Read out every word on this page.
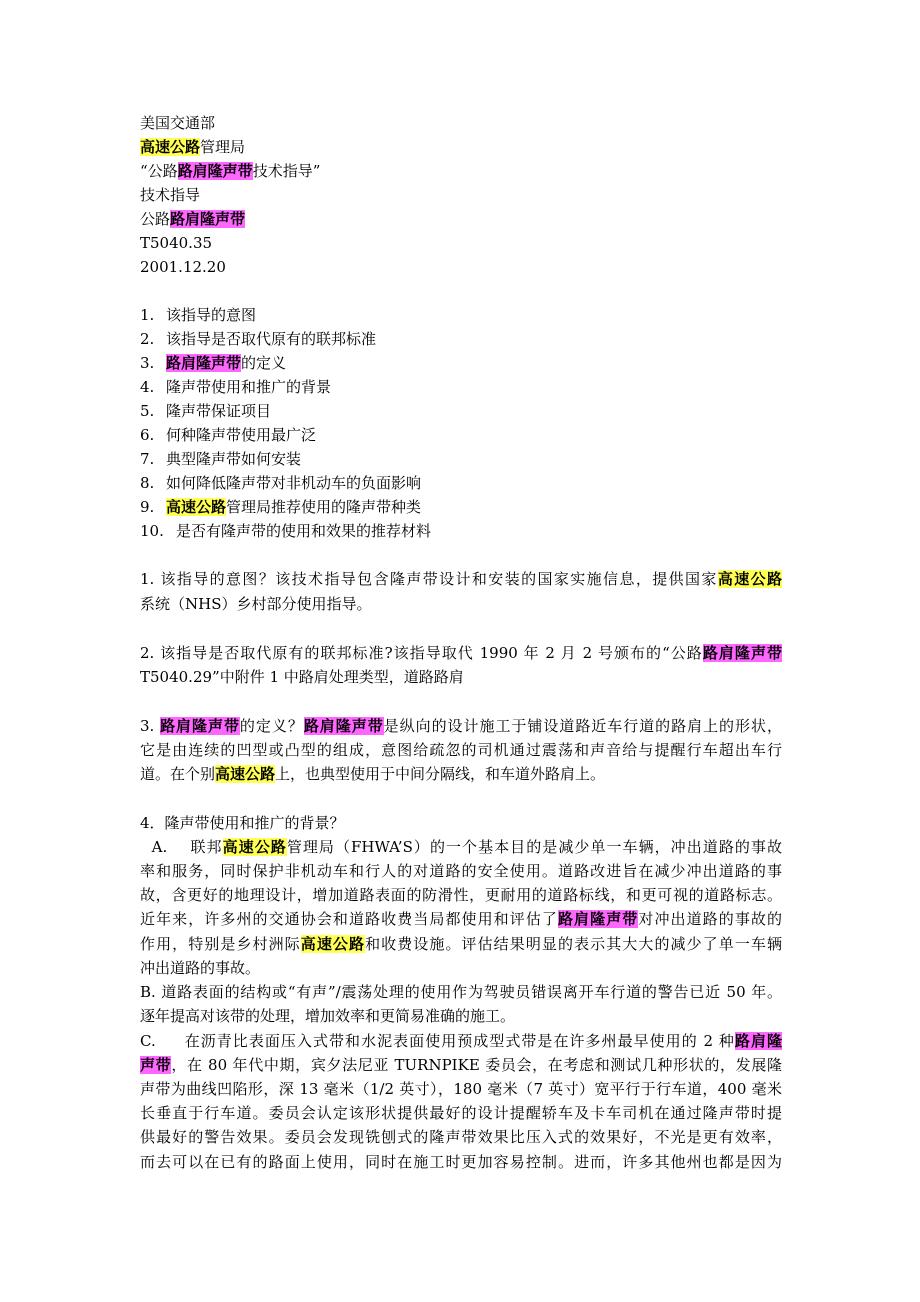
美国交通部
高速公路管理局
“公路路肩隆声带技术指导”
技术指导
公路路肩隆声带
T5040.35
2001.12.20
1. 该指导的意图
2. 该指导是否取代原有的联邦标准
3. 路肩隆声带的定义
4. 隆声带使用和推广的背景
5. 隆声带保证项目
6. 何种隆声带使用最广泛
7. 典型隆声带如何安装
8. 如何降低隆声带对非机动车的负面影响
9. 高速公路管理局推荐使用的隆声带种类
10. 是否有隆声带的使用和效果的推荐材料
1. 该指导的意图？该技术指导包含隆声带设计和安装的国家实施信息，提供国家高速公路
系统（NHS）乡村部分使用指导。
2. 该指导是否取代原有的联邦标准?该指导取代 1990 年 2 月 2 号颁布的“公路路肩隆声带
T5040.29”中附件 1 中路肩处理类型，道路路肩
3. 路肩隆声带的定义？路肩隆声带是纵向的设计施工于铺设道路近车行道的路肩上的形状，
它是由连续的凹型或凸型的组成，意图给疏忽的司机通过震荡和声音给与提醒行车超出车行
道。在个别高速公路上，也典型使用于中间分隔线，和车道外路肩上。
4．隆声带使用和推广的背景？
A.    联邦高速公路管理局（FHWA’S）的一个基本目的是减少单一车辆，冲出道路的事故
率和服务，同时保护非机动车和行人的对道路的安全使用。道路改进旨在减少冲出道路的事
故，含更好的地理设计，增加道路表面的防滑性，更耐用的道路标线，和更可视的道路标志。
近年来，许多州的交通协会和道路收费当局都使用和评估了路肩隆声带对冲出道路的事故的
作用，特别是乡村洲际高速公路和收费设施。评估结果明显的表示其大大的减少了单一车辆
冲出道路的事故。
B. 道路表面的结构或“有声”/震荡处理的使用作为驾驶员错误离开车行道的警告已近 50 年。
逐年提高对该带的处理，增加效率和更简易准确的施工。
C.     在沥青比表面压入式带和水泥表面使用预成型式带是在许多州最早使用的 2 种路肩隆
声带，在 80 年代中期，宾夕法尼亚 TURNPIKE 委员会，在考虑和测试几种形状的，发展隆
声带为曲线凹陷形，深 13 毫米（1/2 英寸），180 毫米（7 英寸）宽平行于行车道，400 毫米
长垂直于行车道。委员会认定该形状提供最好的设计提醒轿车及卡车司机在通过隆声带时提
供最好的警告效果。委员会发现铣刨式的隆声带效果比压入式的效果好，不光是更有效率，
而去可以在已有的路面上使用，同时在施工时更加容易控制。进而，许多其他州也都是因为
